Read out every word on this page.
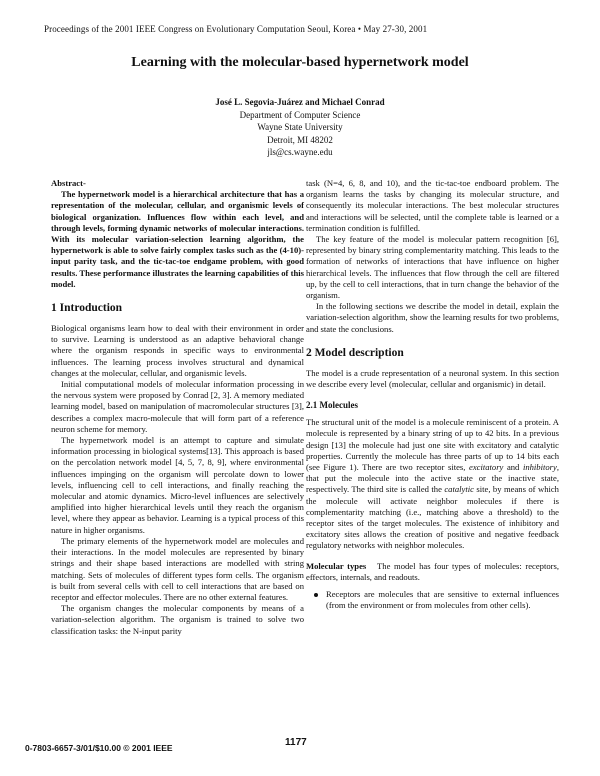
Proceedings of the 2001 IEEE Congress on Evolutionary Computation Seoul, Korea • May 27-30, 2001
Learning with the molecular-based hypernetwork model
José L. Segovia-Juárez and Michael Conrad
Department of Computer Science
Wayne State University
Detroit, MI 48202
jls@cs.wayne.edu
Abstract-
The hypernetwork model is a hierarchical architecture that has a representation of the molecular, cellular, and organismic levels of biological organization. Influences flow within each level, and through levels, forming dynamic networks of molecular interactions. With its molecular variation-selection learning algorithm, the hypernetwork is able to solve fairly complex tasks such as the (4-10)-input parity task, and the tic-tac-toe endgame problem, with good results. These performance illustrates the learning capabilities of this model.
1 Introduction

Biological organisms learn how to deal with their environment in order to survive. Learning is understood as an adaptive behavioral change where the organism responds in specific ways to environmental influences. The learning process involves structural and dynamical changes at the molecular, cellular, and organismic levels.

Initial computational models of molecular information processing in the nervous system were proposed by Conrad [2, 3]. A memory mediated learning model, based on manipulation of macromolecular structures [3], describes a complex macro-molecule that will form part of a reference neuron scheme for memory.

The hypernetwork model is an attempt to capture and simulate information processing in biological systems[13]. This approach is based on the percolation network model [4, 5, 7, 8, 9], where environmental influences impinging on the organism will percolate down to lower levels, influencing cell to cell interactions, and finally reaching the molecular and atomic dynamics. Micro-level influences are selectively amplified into higher hierarchical levels until they reach the organism level, where they appear as behavior. Learning is a typical process of this nature in higher organisms.

The primary elements of the hypernetwork model are molecules and their interactions. In the model molecules are represented by binary strings and their shape based interactions are modelled with string matching. Sets of molecules of different types form cells. The organism is built from several cells with cell to cell interactions that are based on receptor and effector molecules. There are no other external features.

The organism changes the molecular components by means of a variation-selection algorithm. The organism is trained to solve two classification tasks: the N-input parity

task (N=4, 6, 8, and 10), and the tic-tac-toe endboard problem. The organism learns the tasks by changing its molecular structure, and consequently its molecular interactions. The best molecular structures and interactions will be selected, until the complete table is learned or a termination condition is fulfilled.

The key feature of the model is molecular pattern recognition [6], represented by binary string complementarity matching. This leads to the formation of networks of interactions that have influence on higher hierarchical levels. The influences that flow through the cell are filtered up, by the cell to cell interactions, that in turn change the behavior of the organism.

In the following sections we describe the model in detail, explain the variation-selection algorithm, show the learning results for two problems, and state the conclusions.

2 Model description

The model is a crude representation of a neuronal system. In this section we describe every level (molecular, cellular and organismic) in detail.

2.1 Molecules

The structural unit of the model is a molecule reminiscent of a protein. A molecule is represented by a binary string of up to 42 bits. In a previous design [13] the molecule had just one site with excitatory and catalytic properties. Currently the molecule has three parts of up to 14 bits each (see Figure 1). There are two receptor sites, excitatory and inhibitory, that put the molecule into the active state or the inactive state, respectively. The third site is called the catalytic site, by means of which the molecule will activate neighbor molecules if there is complementarity matching (i.e., matching above a threshold) to the receptor sites of the target molecules. The existence of inhibitory and excitatory sites allows the creation of positive and negative feedback regulatory networks with neighbor molecules.

Molecular types The model has four types of molecules: receptors, effectors, internals, and readouts.

Receptors are molecules that are sensitive to external influences (from the environment or from molecules from other cells).
0-7803-6657-3/01/$10.00 © 2001 IEEE	1177
